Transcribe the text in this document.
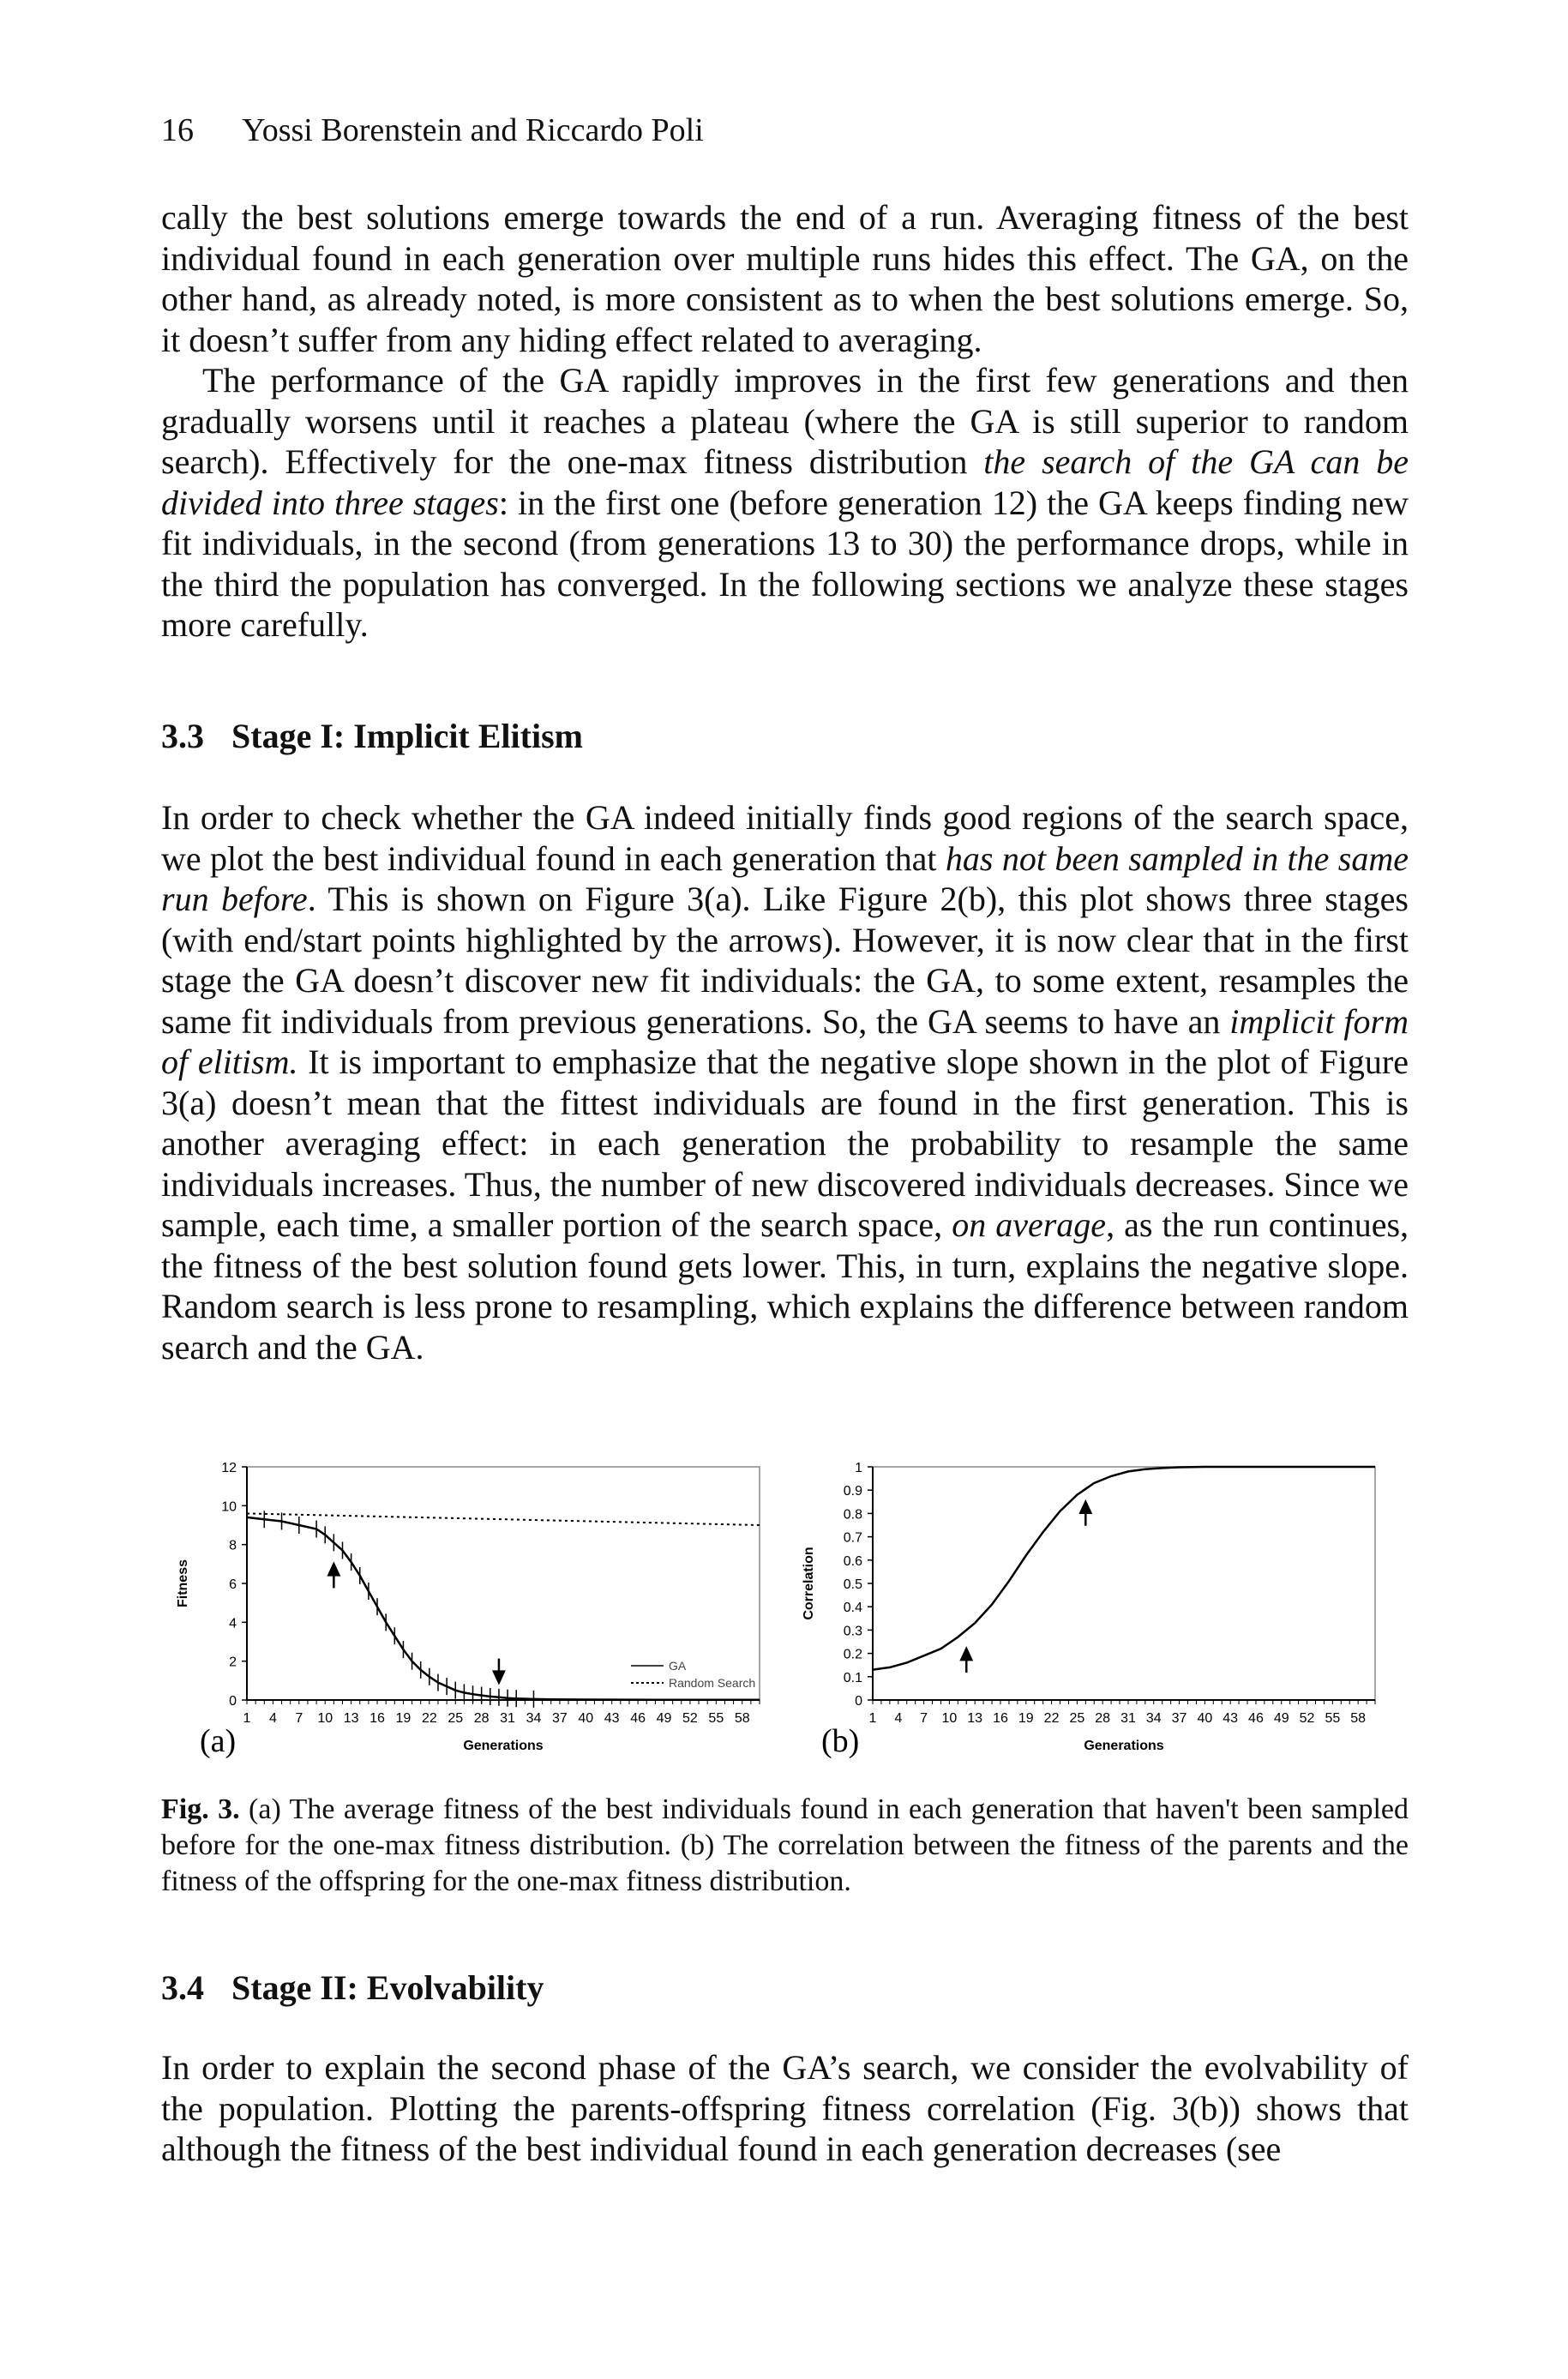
16 Yossi Borenstein and Riccardo Poli

cally the best solutions emerge towards the end of a run. Averaging fitness of the best individual found in each generation over multiple runs hides this effect. The GA, on the other hand, as already noted, is more consistent as to when the best solutions emerge. So, it doesn’t suffer from any hiding effect related to averaging.

The performance of the GA rapidly improves in the first few generations and then gradually worsens until it reaches a plateau (where the GA is still superior to random search). Effectively for the one-max fitness distribution the search of the GA can be divided into three stages: in the first one (before generation 12) the GA keeps finding new fit individuals, in the second (from generations 13 to 30) the performance drops, while in the third the population has converged. In the following sections we analyze these stages more carefully.

3.3 Stage I: Implicit Elitism

In order to check whether the GA indeed initially finds good regions of the search space, we plot the best individual found in each generation that has not been sampled in the same run before. This is shown on Figure 3(a). Like Figure 2(b), this plot shows three stages (with end/start points highlighted by the arrows). However, it is now clear that in the first stage the GA doesn’t discover new fit individuals: the GA, to some extent, resamples the same fit individuals from previous generations. So, the GA seems to have an implicit form of elitism. It is important to emphasize that the negative slope shown in the plot of Figure 3(a) doesn’t mean that the fittest individuals are found in the first generation. This is another averaging effect: in each generation the probability to resample the same individuals increases. Thus, the number of new discovered individuals decreases. Since we sample, each time, a smaller portion of the search space, on average, as the run continues, the fitness of the best solution found gets lower. This, in turn, explains the negative slope. Random search is less prone to resampling, which explains the difference between random search and the GA.

0
2
4
6
8
10
12
1 4 7 10 13 16 19 22 25 28 31 34 37 40 43 46 49 52 55 58
Generations
Fitness
(a)
GA
Random Search
0
0.1
0.2
0.3
0.4
0.5
0.6
0.7
0.8
0.9
1
1 4 7 10 13 16 19 22 25 28 31 34 37 40 43 46 49 52 55 58
Generations
Correlation
(b)

Fig. 3. (a) The average fitness of the best individuals found in each generation that haven't been sampled before for the one-max fitness distribution. (b) The correlation between the fitness of the parents and the fitness of the offspring for the one-max fitness distribution.

3.4 Stage II: Evolvability

In order to explain the second phase of the GA’s search, we consider the evolvability of the population. Plotting the parents-offspring fitness correlation (Fig. 3(b)) shows that although the fitness of the best individual found in each generation decreases (see
